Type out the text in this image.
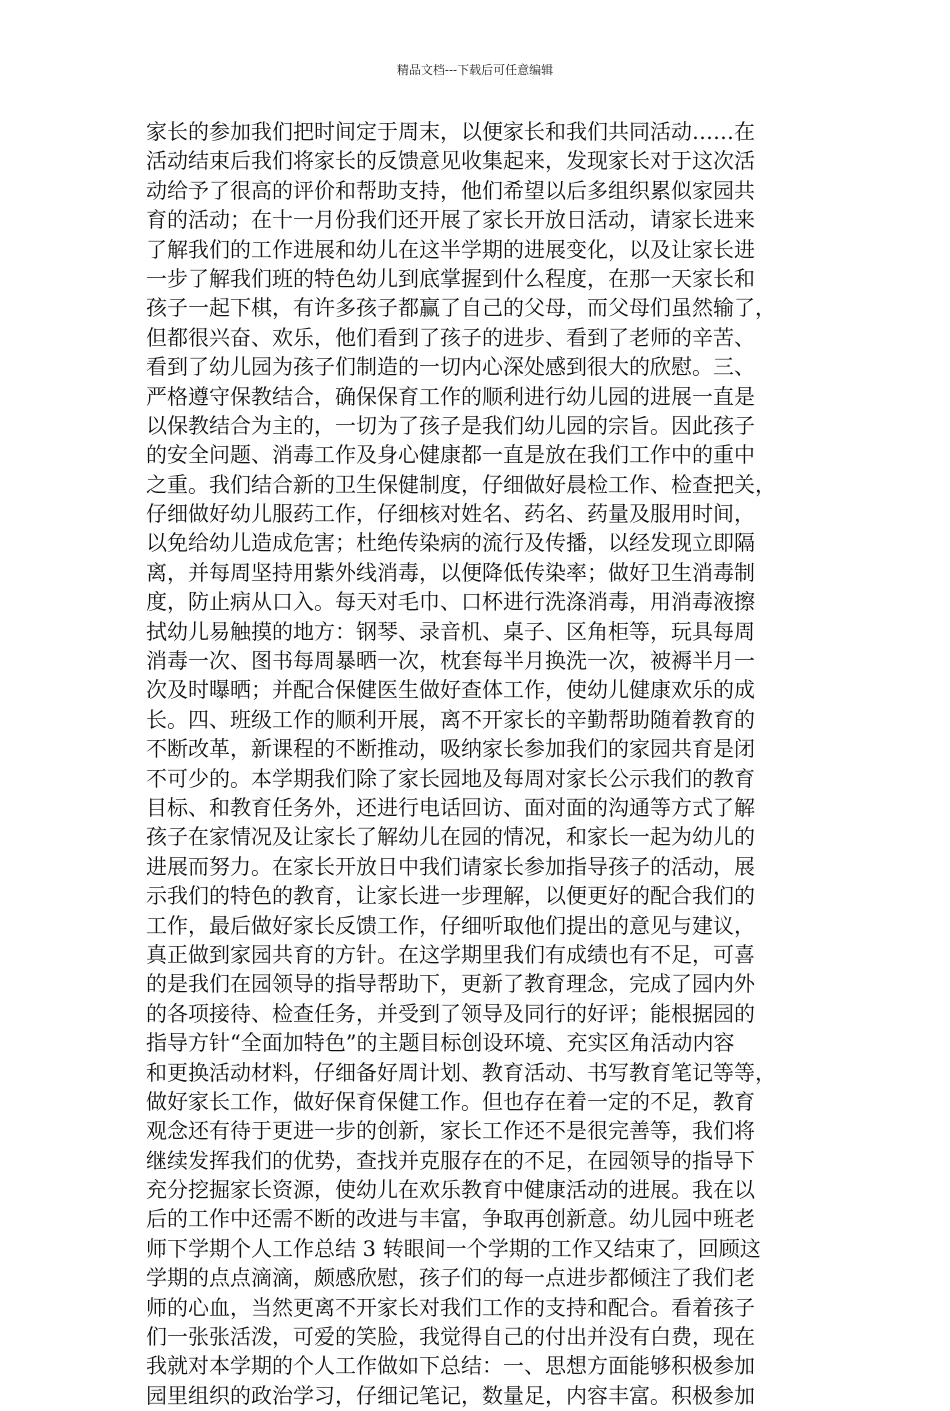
精品文档---下载后可任意编辑
家长的参加我们把时间定于周末，以便家长和我们共同活动……在
活动结束后我们将家长的反馈意见收集起来，发现家长对于这次活
动给予了很高的评价和帮助支持，他们希望以后多组织累似家园共
育的活动；在十一月份我们还开展了家长开放日活动，请家长进来
了解我们的工作进展和幼儿在这半学期的进展变化，以及让家长进
一步了解我们班的特色幼儿到底掌握到什么程度，在那一天家长和
孩子一起下棋，有许多孩子都赢了自己的父母，而父母们虽然输了，
但都很兴奋、欢乐，他们看到了孩子的进步、看到了老师的辛苦、
看到了幼儿园为孩子们制造的一切内心深处感到很大的欣慰。三、
严格遵守保教结合，确保保育工作的顺利进行幼儿园的进展一直是
以保教结合为主的，一切为了孩子是我们幼儿园的宗旨。因此孩子
的安全问题、消毒工作及身心健康都一直是放在我们工作中的重中
之重。我们结合新的卫生保健制度，仔细做好晨检工作、检查把关，
仔细做好幼儿服药工作，仔细核对姓名、药名、药量及服用时间，
以免给幼儿造成危害；杜绝传染病的流行及传播，以经发现立即隔
离，并每周坚持用紫外线消毒，以便降低传染率；做好卫生消毒制
度，防止病从口入。每天对毛巾、口杯进行洗涤消毒，用消毒液擦
拭幼儿易触摸的地方：钢琴、录音机、桌子、区角柜等，玩具每周
消毒一次、图书每周暴晒一次，枕套每半月换洗一次，被褥半月一
次及时曝晒；并配合保健医生做好查体工作，使幼儿健康欢乐的成
长。四、班级工作的顺利开展，离不开家长的辛勤帮助随着教育的
不断改革，新课程的不断推动，吸纳家长参加我们的家园共育是闭
不可少的。本学期我们除了家长园地及每周对家长公示我们的教育
目标、和教育任务外，还进行电话回访、面对面的沟通等方式了解
孩子在家情况及让家长了解幼儿在园的情况，和家长一起为幼儿的
进展而努力。在家长开放日中我们请家长参加指导孩子的活动，展
示我们的特色的教育，让家长进一步理解，以便更好的配合我们的
工作，最后做好家长反馈工作，仔细听取他们提出的意见与建议，
真正做到家园共育的方针。在这学期里我们有成绩也有不足，可喜
的是我们在园领导的指导帮助下，更新了教育理念，完成了园内外
的各项接待、检查任务，并受到了领导及同行的好评；能根据园的
指导方针“全面加特色”的主题目标创设环境、充实区角活动内容
和更换活动材料，仔细备好周计划、教育活动、书写教育笔记等等，
做好家长工作，做好保育保健工作。但也存在着一定的不足，教育
观念还有待于更进一步的创新，家长工作还不是很完善等，我们将
继续发挥我们的优势，查找并克服存在的不足，在园领导的指导下
充分挖掘家长资源，使幼儿在欢乐教育中健康活动的进展。我在以
后的工作中还需不断的改进与丰富，争取再创新意。幼儿园中班老
师下学期个人工作总结 3 转眼间一个学期的工作又结束了，回顾这
学期的点点滴滴，颇感欣慰，孩子们的每一点进步都倾注了我们老
师的心血，当然更离不开家长对我们工作的支持和配合。看着孩子
们一张张活泼，可爱的笑脸，我觉得自己的付出并没有白费，现在
我就对本学期的个人工作做如下总结：一、思想方面能够积极参加
园里组织的政治学习，仔细记笔记，数量足，内容丰富。积极参加
